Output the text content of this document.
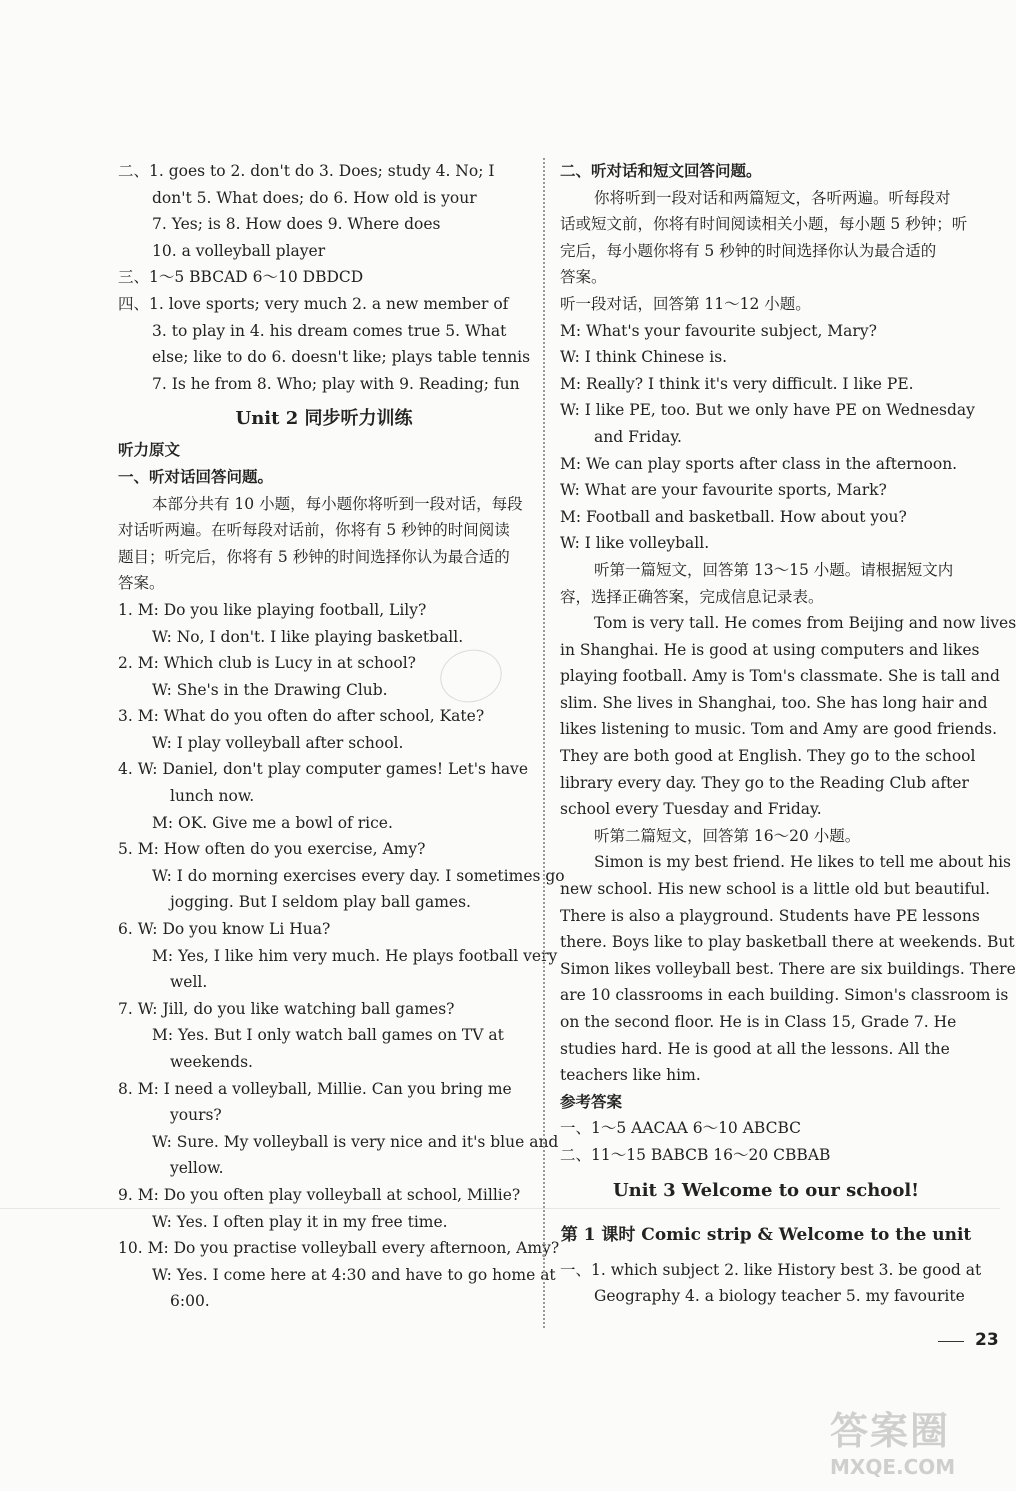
二、1. goes to 2. don't do 3. Does; study 4. No; I
don't 5. What does; do 6. How old is your
7. Yes; is 8. How does 9. Where does
10. a volleyball player
三、1～5 BBCAD 6～10 DBDCD
四、1. love sports; very much 2. a new member of
3. to play in 4. his dream comes true 5. What
else; like to do 6. doesn't like; plays table tennis
7. Is he from 8. Who; play with 9. Reading; fun
Unit 2 同步听力训练
听力原文
一、听对话回答问题。
本部分共有 10 小题，每小题你将听到一段对话，每段
对话听两遍。在听每段对话前，你将有 5 秒钟的时间阅读
题目；听完后，你将有 5 秒钟的时间选择你认为最合适的
答案。
1. M: Do you like playing football, Lily?
W: No, I don't. I like playing basketball.
2. M: Which club is Lucy in at school?
W: She's in the Drawing Club.
3. M: What do you often do after school, Kate?
W: I play volleyball after school.
4. W: Daniel, don't play computer games! Let's have
lunch now.
M: OK. Give me a bowl of rice.
5. M: How often do you exercise, Amy?
W: I do morning exercises every day. I sometimes go
jogging. But I seldom play ball games.
6. W: Do you know Li Hua?
M: Yes, I like him very much. He plays football very
well.
7. W: Jill, do you like watching ball games?
M: Yes. But I only watch ball games on TV at
weekends.
8. M: I need a volleyball, Millie. Can you bring me
yours?
W: Sure. My volleyball is very nice and it's blue and
yellow.
9. M: Do you often play volleyball at school, Millie?
W: Yes. I often play it in my free time.
10. M: Do you practise volleyball every afternoon, Amy?
W: Yes. I come here at 4:30 and have to go home at
6:00.
二、听对话和短文回答问题。
你将听到一段对话和两篇短文，各听两遍。听每段对
话或短文前，你将有时间阅读相关小题，每小题 5 秒钟；听
完后，每小题你将有 5 秒钟的时间选择你认为最合适的
答案。
听一段对话，回答第 11～12 小题。
M: What's your favourite subject, Mary?
W: I think Chinese is.
M: Really? I think it's very difficult. I like PE.
W: I like PE, too. But we only have PE on Wednesday
and Friday.
M: We can play sports after class in the afternoon.
W: What are your favourite sports, Mark?
M: Football and basketball. How about you?
W: I like volleyball.
听第一篇短文，回答第 13～15 小题。请根据短文内
容，选择正确答案，完成信息记录表。
Tom is very tall. He comes from Beijing and now lives
in Shanghai. He is good at using computers and likes
playing football. Amy is Tom's classmate. She is tall and
slim. She lives in Shanghai, too. She has long hair and
likes listening to music. Tom and Amy are good friends.
They are both good at English. They go to the school
library every day. They go to the Reading Club after
school every Tuesday and Friday.
听第二篇短文，回答第 16～20 小题。
Simon is my best friend. He likes to tell me about his
new school. His new school is a little old but beautiful.
There is also a playground. Students have PE lessons
there. Boys like to play basketball there at weekends. But
Simon likes volleyball best. There are six buildings. There
are 10 classrooms in each building. Simon's classroom is
on the second floor. He is in Class 15, Grade 7. He
studies hard. He is good at all the lessons. All the
teachers like him.
参考答案
一、1～5 AACAA 6～10 ABCBC
二、11～15 BABCB 16～20 CBBAB
Unit 3 Welcome to our school!
第 1 课时 Comic strip & Welcome to the unit
一、1. which subject 2. like History best 3. be good at
Geography 4. a biology teacher 5. my favourite
23
答案圈
MXQE.COM
